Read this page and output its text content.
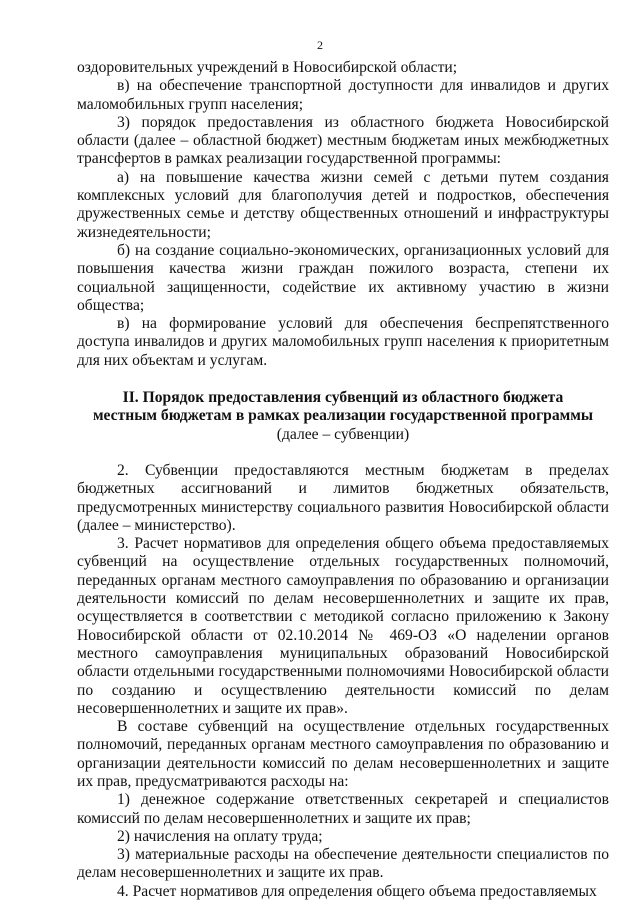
2

оздоровительных учреждений в Новосибирской области;

в) на обеспечение транспортной доступности для инвалидов и других маломобильных групп населения;

3) порядок предоставления из областного бюджета Новосибирской области (далее – областной бюджет) местным бюджетам иных межбюджетных трансфертов в рамках реализации государственной программы:

а) на повышение качества жизни семей с детьми путем создания комплексных условий для благополучия детей и подростков, обеспечения дружественных семье и детству общественных отношений и инфраструктуры жизнедеятельности;

б) на создание социально-экономических, организационных условий для повышения качества жизни граждан пожилого возраста, степени их социальной защищенности, содействие их активному участию в жизни общества;

в) на формирование условий для обеспечения беспрепятственного доступа инвалидов и других маломобильных групп населения к приоритетным для них объектам и услугам.

II. Порядок предоставления субвенций из областного бюджета местным бюджетам в рамках реализации государственной программы

(далее – субвенции)

2. Субвенции предоставляются местным бюджетам в пределах бюджетных ассигнований и лимитов бюджетных обязательств, предусмотренных министерству социального развития Новосибирской области (далее – министерство).

3. Расчет нормативов для определения общего объема предоставляемых субвенций на осуществление отдельных государственных полномочий, переданных органам местного самоуправления по образованию и организации деятельности комиссий по делам несовершеннолетних и защите их прав, осуществляется в соответствии с методикой согласно приложению к Закону Новосибирской области от 02.10.2014 № 469-ОЗ «О наделении органов местного самоуправления муниципальных образований Новосибирской области отдельными государственными полномочиями Новосибирской области по созданию и осуществлению деятельности комиссий по делам несовершеннолетних и защите их прав».

В составе субвенций на осуществление отдельных государственных полномочий, переданных органам местного самоуправления по образованию и организации деятельности комиссий по делам несовершеннолетних и защите их прав, предусматриваются расходы на:

1) денежное содержание ответственных секретарей и специалистов комиссий по делам несовершеннолетних и защите их прав;

2) начисления на оплату труда;

3) материальные расходы на обеспечение деятельности специалистов по делам несовершеннолетних и защите их прав.

4. Расчет нормативов для определения общего объема предоставляемых
